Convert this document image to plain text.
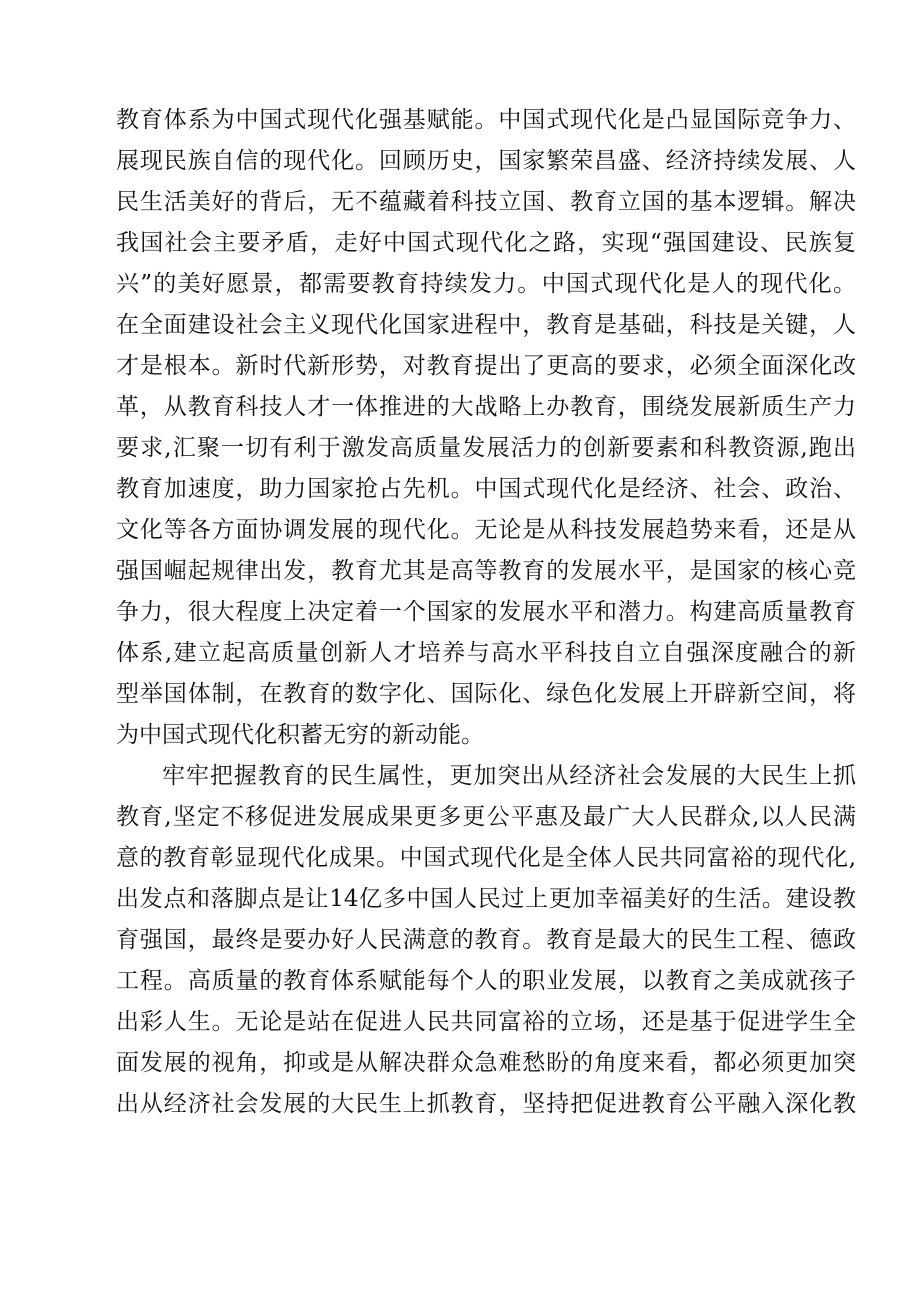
教育体系为中国式现代化强基赋能。中国式现代化是凸显国际竞争力、
展现民族自信的现代化。回顾历史，国家繁荣昌盛、经济持续发展、人
民生活美好的背后，无不蕴藏着科技立国、教育立国的基本逻辑。解决
我国社会主要矛盾，走好中国式现代化之路，实现“强国建设、民族复
兴”的美好愿景，都需要教育持续发力。中国式现代化是人的现代化。
在全面建设社会主义现代化国家进程中，教育是基础，科技是关键，人
才是根本。新时代新形势，对教育提出了更高的要求，必须全面深化改
革，从教育科技人才一体推进的大战略上办教育，围绕发展新质生产力
要求,汇聚一切有利于激发高质量发展活力的创新要素和科教资源,跑出
教育加速度，助力国家抢占先机。中国式现代化是经济、社会、政治、
文化等各方面协调发展的现代化。无论是从科技发展趋势来看，还是从
强国崛起规律出发，教育尤其是高等教育的发展水平，是国家的核心竞
争力，很大程度上决定着一个国家的发展水平和潜力。构建高质量教育
体系,建立起高质量创新人才培养与高水平科技自立自强深度融合的新
型举国体制，在教育的数字化、国际化、绿色化发展上开辟新空间，将
为中国式现代化积蓄无穷的新动能。
牢牢把握教育的民生属性，更加突出从经济社会发展的大民生上抓
教育,坚定不移促进发展成果更多更公平惠及最广大人民群众,以人民满
意的教育彰显现代化成果。中国式现代化是全体人民共同富裕的现代化,
出发点和落脚点是让14亿多中国人民过上更加幸福美好的生活。建设教
育强国，最终是要办好人民满意的教育。教育是最大的民生工程、德政
工程。高质量的教育体系赋能每个人的职业发展，以教育之美成就孩子
出彩人生。无论是站在促进人民共同富裕的立场，还是基于促进学生全
面发展的视角，抑或是从解决群众急难愁盼的角度来看，都必须更加突
出从经济社会发展的大民生上抓教育，坚持把促进教育公平融入深化教
